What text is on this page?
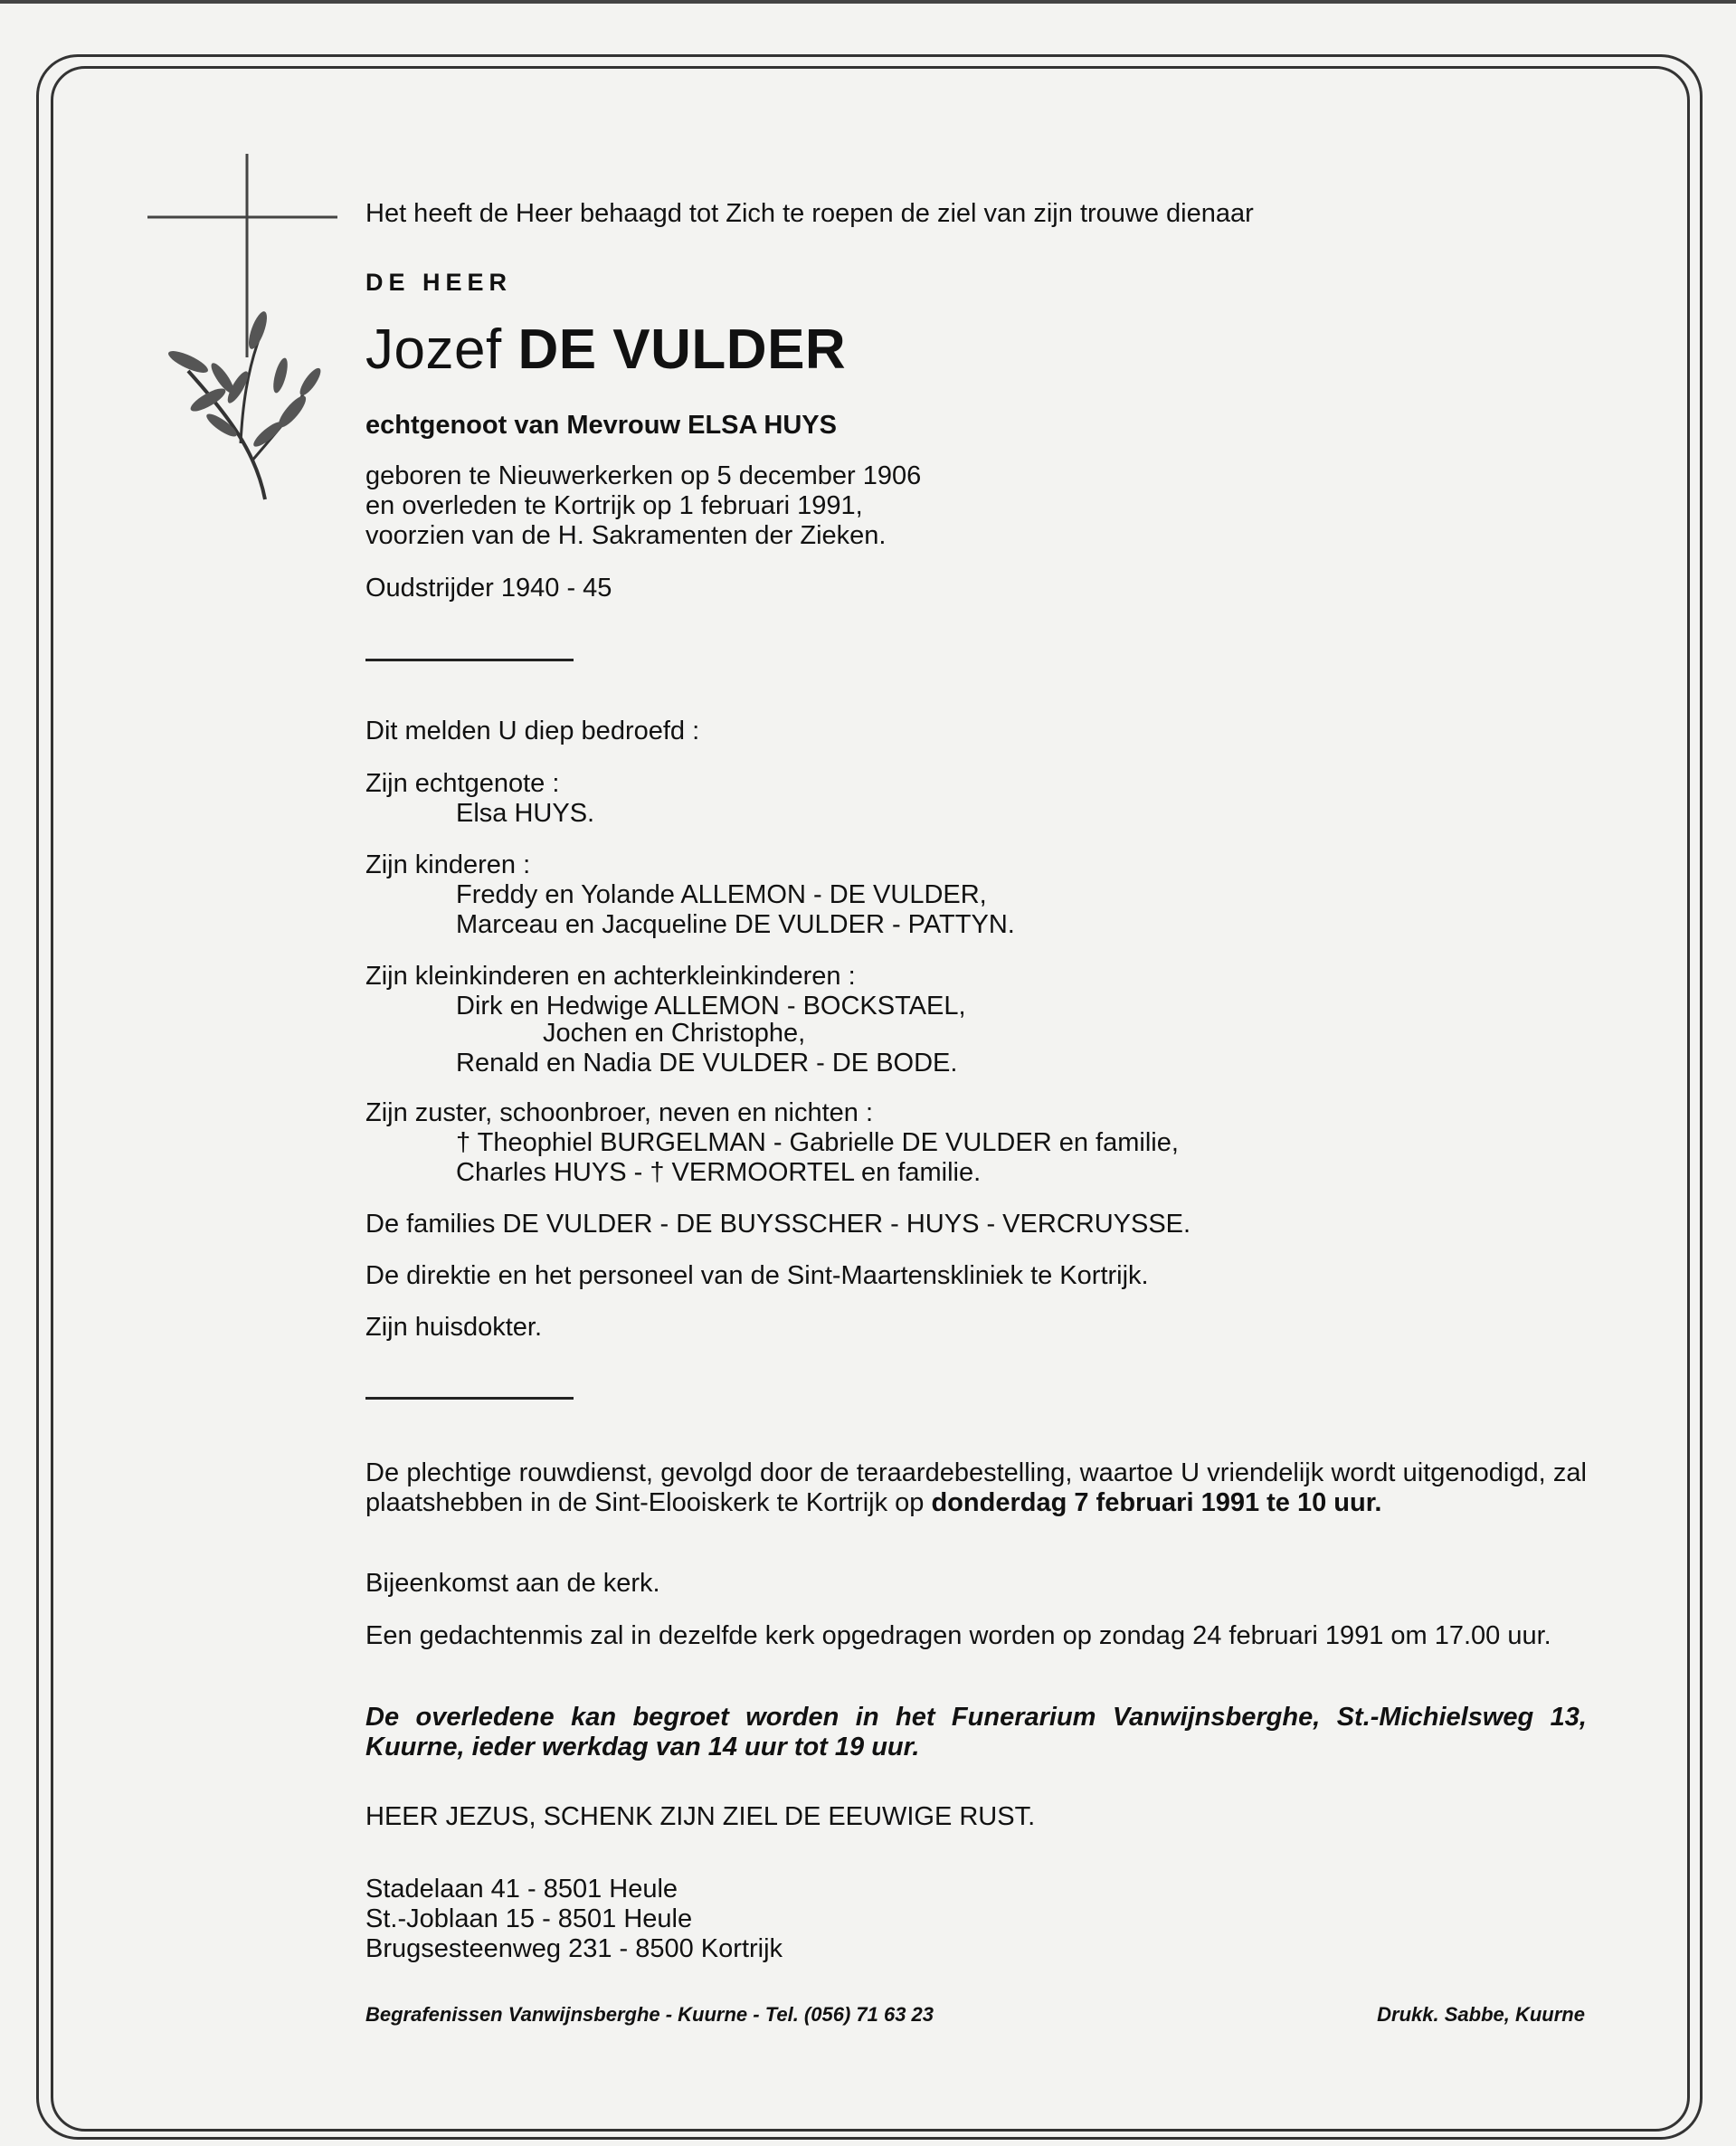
Het heeft de Heer behaagd tot Zich te roepen de ziel van zijn trouwe dienaar
DE HEER
Jozef DE VULDER
echtgenoot van Mevrouw ELSA HUYS
geboren te Nieuwerkerken op 5 december 1906
en overleden te Kortrijk op 1 februari 1991,
voorzien van de H. Sakramenten der Zieken.
Oudstrijder 1940 - 45
Dit melden U diep bedroefd :
Zijn echtgenote :
Elsa HUYS.
Zijn kinderen :
Freddy en Yolande ALLEMON - DE VULDER,
Marceau en Jacqueline DE VULDER - PATTYN.
Zijn kleinkinderen en achterkleinkinderen :
Dirk en Hedwige ALLEMON - BOCKSTAEL,
Jochen en Christophe,
Renald en Nadia DE VULDER - DE BODE.
Zijn zuster, schoonbroer, neven en nichten :
† Theophiel BURGELMAN - Gabrielle DE VULDER en familie,
Charles HUYS - † VERMOORTEL en familie.
De families DE VULDER - DE BUYSSCHER - HUYS - VERCRUYSSE.
De direktie en het personeel van de Sint-Maartenskliniek te Kortrijk.
Zijn huisdokter.
De plechtige rouwdienst, gevolgd door de teraardebestelling, waartoe U vriendelijk wordt uitgenodigd, zal plaatshebben in de Sint-Elooiskerk te Kortrijk op donderdag 7 februari 1991 te 10 uur.
Bijeenkomst aan de kerk.
Een gedachtenmis zal in dezelfde kerk opgedragen worden op zondag 24 februari 1991 om 17.00 uur.
De overledene kan begroet worden in het Funerarium Vanwijnsberghe, St.-Michielsweg 13, Kuurne, ieder werkdag van 14 uur tot 19 uur.
HEER JEZUS, SCHENK ZIJN ZIEL DE EEUWIGE RUST.
Stadelaan 41 - 8501 Heule
St.-Joblaan 15 - 8501 Heule
Brugsesteenweg 231 - 8500 Kortrijk
Begrafenissen Vanwijnsberghe - Kuurne - Tel. (056) 71 63 23	Drukk. Sabbe, Kuurne
